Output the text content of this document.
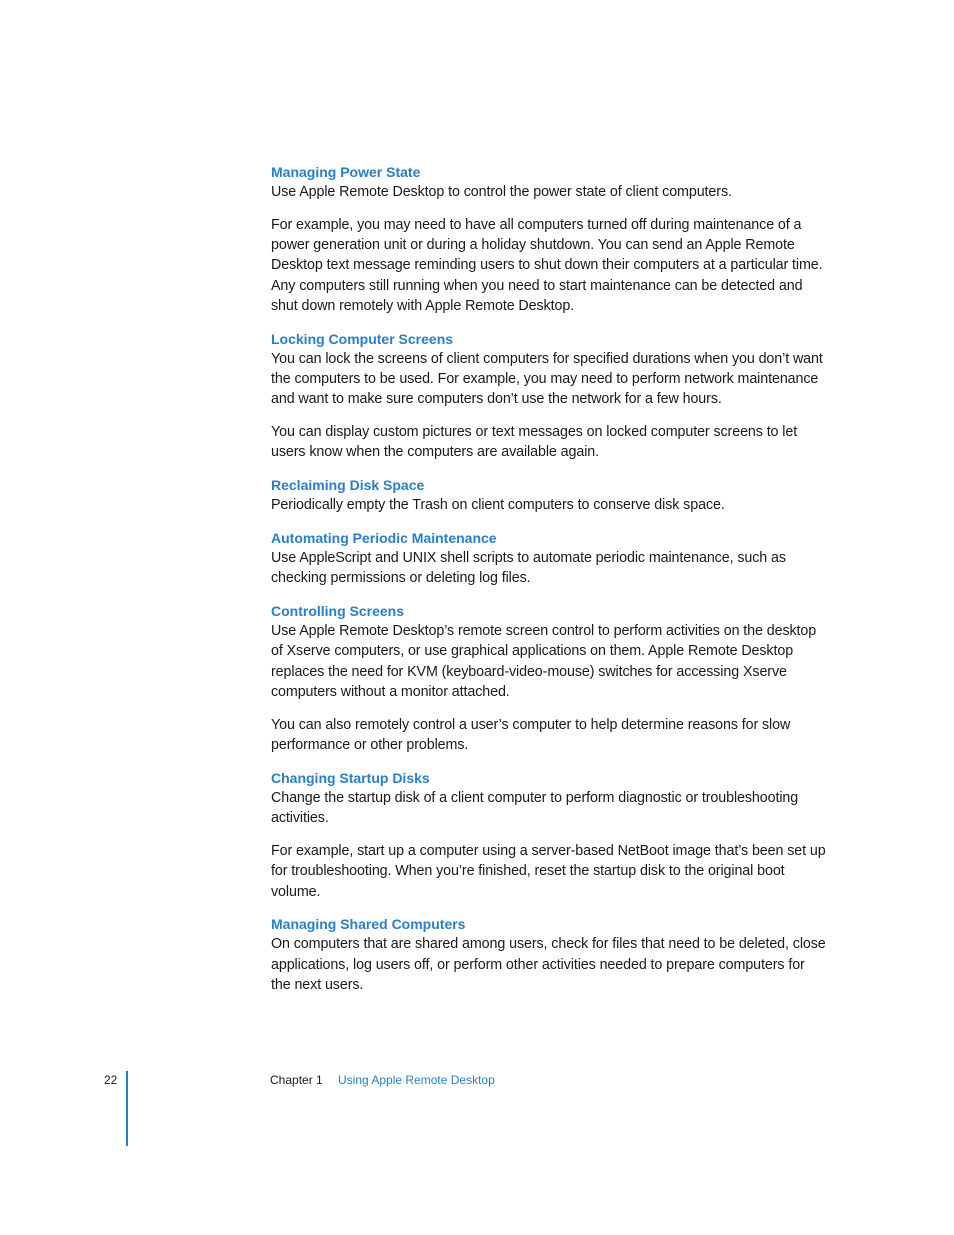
Managing Power State

Use Apple Remote Desktop to control the power state of client computers.

For example, you may need to have all computers turned off during maintenance of a power generation unit or during a holiday shutdown. You can send an Apple Remote Desktop text message reminding users to shut down their computers at a particular time. Any computers still running when you need to start maintenance can be detected and shut down remotely with Apple Remote Desktop.

Locking Computer Screens

You can lock the screens of client computers for specified durations when you don’t want the computers to be used. For example, you may need to perform network maintenance and want to make sure computers don’t use the network for a few hours.

You can display custom pictures or text messages on locked computer screens to let users know when the computers are available again.

Reclaiming Disk Space

Periodically empty the Trash on client computers to conserve disk space.

Automating Periodic Maintenance

Use AppleScript and UNIX shell scripts to automate periodic maintenance, such as checking permissions or deleting log files.

Controlling Screens

Use Apple Remote Desktop’s remote screen control to perform activities on the desktop of Xserve computers, or use graphical applications on them. Apple Remote Desktop replaces the need for KVM (keyboard-video-mouse) switches for accessing Xserve computers without a monitor attached.

You can also remotely control a user’s computer to help determine reasons for slow performance or other problems.

Changing Startup Disks

Change the startup disk of a client computer to perform diagnostic or troubleshooting activities.

For example, start up a computer using a server-based NetBoot image that’s been set up for troubleshooting. When you’re finished, reset the startup disk to the original boot volume.

Managing Shared Computers

On computers that are shared among users, check for files that need to be deleted, close applications, log users off, or perform other activities needed to prepare computers for the next users.

22	Chapter 1 Using Apple Remote Desktop
